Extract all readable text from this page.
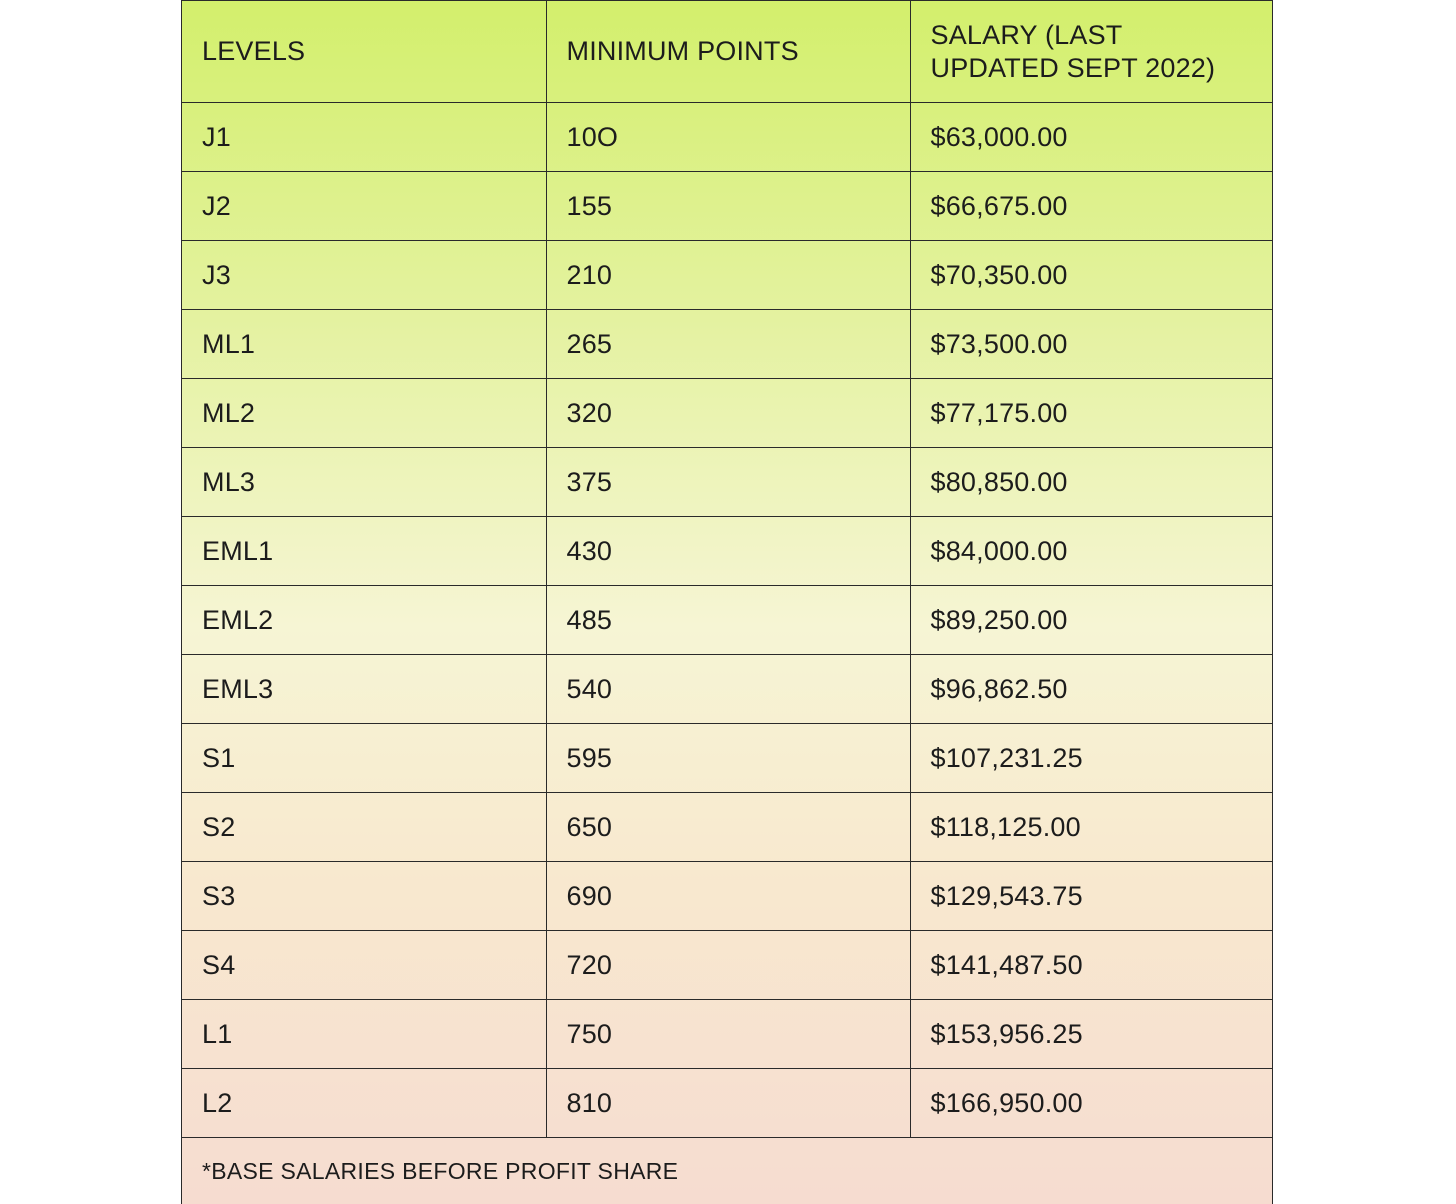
LEVELS	MINIMUM POINTS	SALARY (LAST UPDATED SEPT 2022)

J1	10O	$63,000.00
J2	155	$66,675.00
J3	210	$70,350.00
ML1	265	$73,500.00
ML2	320	$77,175.00
ML3	375	$80,850.00
EML1	430	$84,000.00
EML2	485	$89,250.00
EML3	540	$96,862.50
S1	595	$107,231.25
S2	650	$118,125.00
S3	690	$129,543.75
S4	720	$141,487.50
L1	750	$153,956.25
L2	810	$166,950.00
*BASE SALARIES BEFORE PROFIT SHARE
